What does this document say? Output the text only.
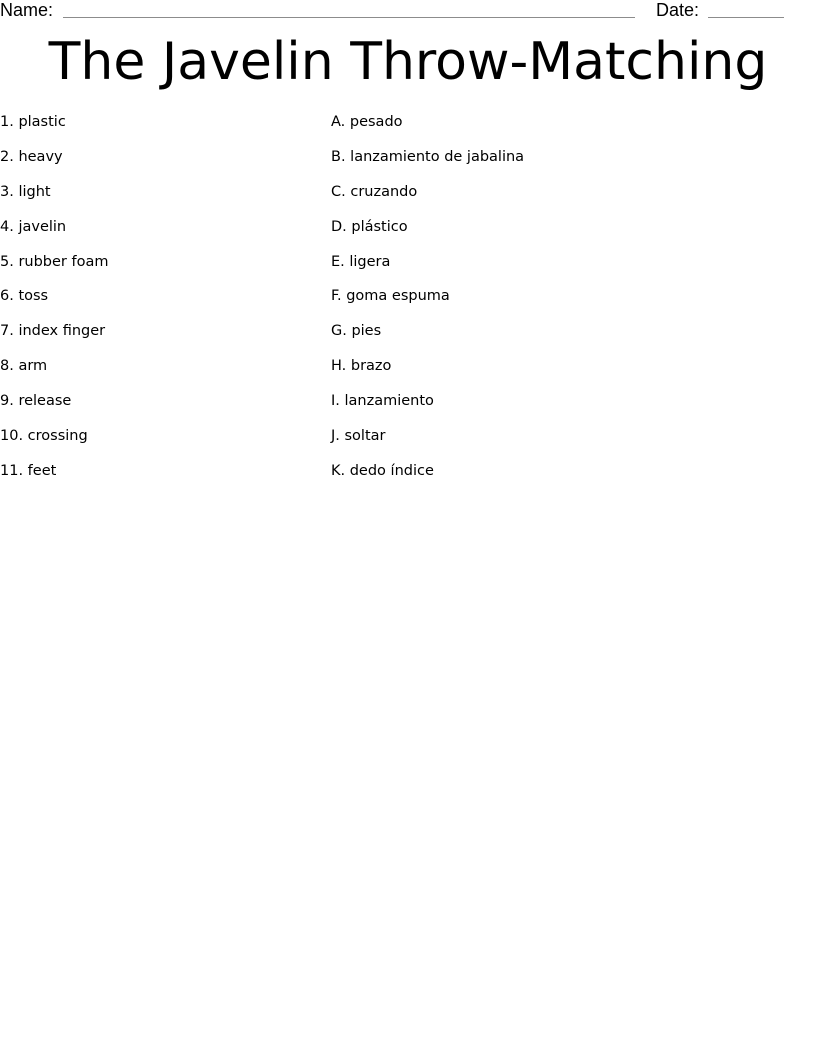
Name:	Date:
The Javelin Throw-Matching
1. plastic
2. heavy
3. light
4. javelin
5. rubber foam
6. toss
7. index finger
8. arm
9. release
10. crossing
11. feet
A. pesado
B. lanzamiento de jabalina
C. cruzando
D. plástico
E. ligera
F. goma espuma
G. pies
H. brazo
I. lanzamiento
J. soltar
K. dedo índice
